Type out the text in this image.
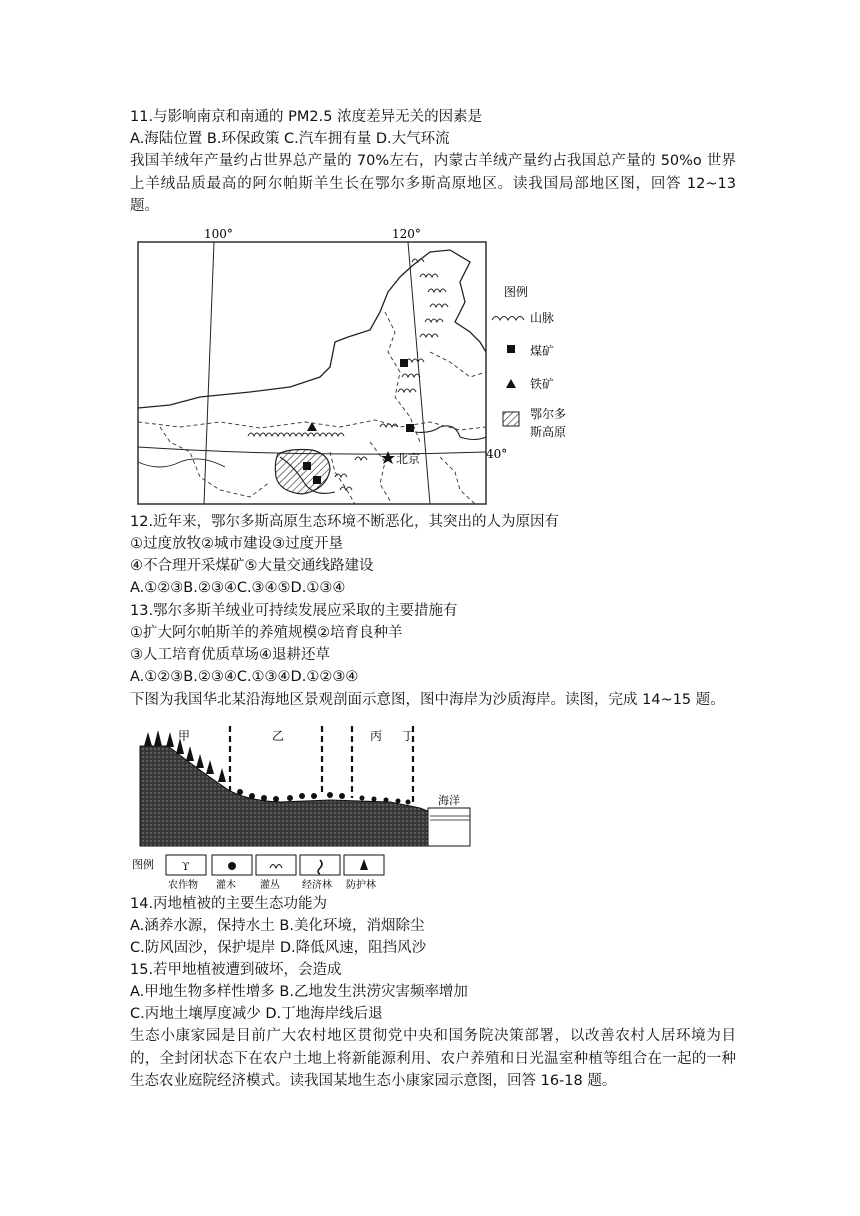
11.与影响南京和南通的 PM2.5 浓度差异无关的因素是
A.海陆位置 B.环保政策 C.汽车拥有量 D.大气环流
我国羊绒年产量约占世界总产量的 70%左右，内蒙古羊绒产量约占我国总产量的 50%o 世界上羊绒品质最高的阿尔帕斯羊生长在鄂尔多斯高原地区。读我国局部地区图，回答 12~13 题。
北京
100°	120°
40°
图例
山脉
煤矿
铁矿
鄂尔多
斯高原
12.近年来，鄂尔多斯高原生态环境不断恶化，其突出的人为原因有
①过度放牧②城市建设③过度开垦
④不合理开采煤矿⑤大量交通线路建设
A.①②③B.②③④C.③④⑤D.①③④
13.鄂尔多斯羊绒业可持续发展应采取的主要措施有
①扩大阿尔帕斯羊的养殖规模②培育良种羊
③人工培育优质草场④退耕还草
A.①②③B.②③④C.①③④D.①②③④
下图为我国华北某沿海地区景观剖面示意图，图中海岸为沙质海岸。读图，完成 14~15 题。
海洋
甲	乙	丙 丁
图例	ϒ
农作物 灌木 灌丛 经济林 防护林
14.丙地植被的主要生态功能为
A.涵养水源，保持水土 B.美化环境，消烟除尘
C.防风固沙，保护堤岸 D.降低风速，阻挡风沙
15.若甲地植被遭到破坏，会造成
A.甲地生物多样性增多 B.乙地发生洪涝灾害频率增加
C.丙地土壤厚度减少 D.丁地海岸线后退
生态小康家园是目前广大农村地区贯彻党中央和国务院决策部署，以改善农村人居环境为目的，全封闭状态下在农户土地上将新能源利用、农户养殖和日光温室种植等组合在一起的一种生态农业庭院经济模式。读我国某地生态小康家园示意图，回答 16-18 题。
